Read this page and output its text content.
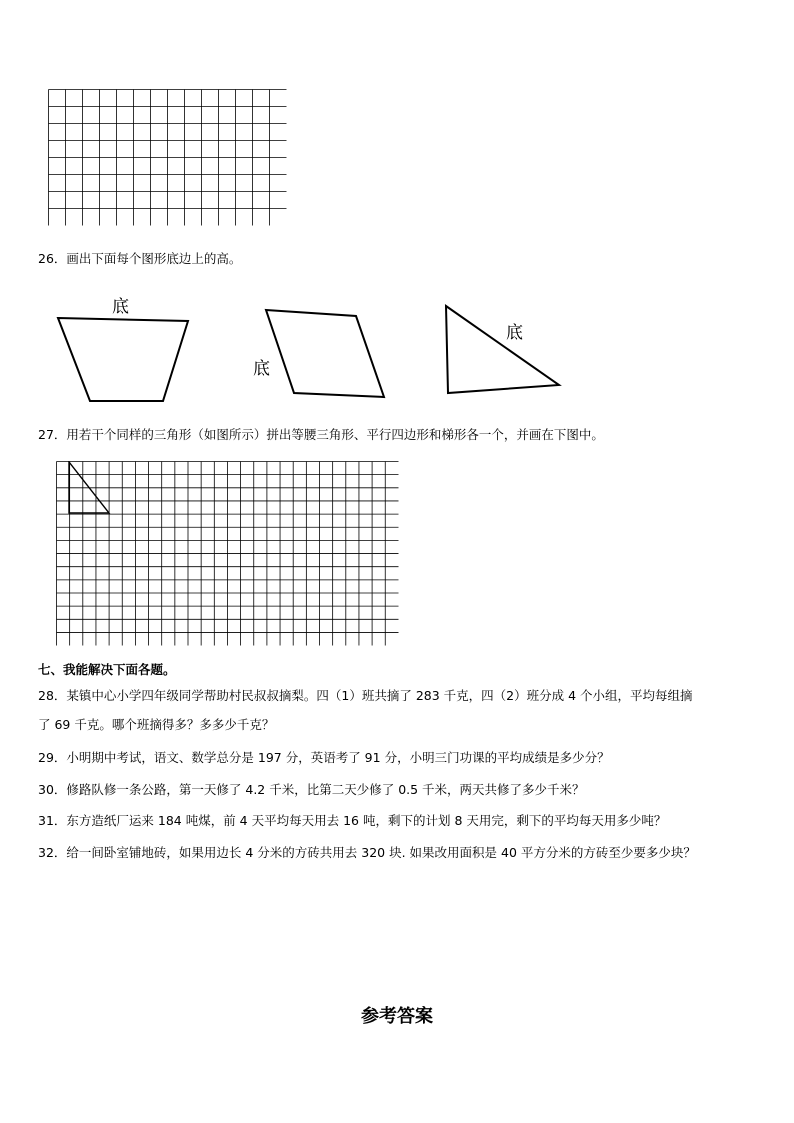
26．画出下面每个图形底边上的高。
底
底
底
27．用若干个同样的三角形（如图所示）拼出等腰三角形、平行四边形和梯形各一个，并画在下图中。
七、我能解决下面各题。
28．某镇中心小学四年级同学帮助村民叔叔摘梨。四（1）班共摘了 283 千克，四（2）班分成 4 个小组，平均每组摘
了 69 千克。哪个班摘得多？多多少千克？
29．小明期中考试，语文、数学总分是 197 分，英语考了 91 分，小明三门功课的平均成绩是多少分？
30．修路队修一条公路，第一天修了 4.2 千米，比第二天少修了 0.5 千米，两天共修了多少千米？
31．东方造纸厂运来 184 吨煤，前 4 天平均每天用去 16 吨，剩下的计划 8 天用完，剩下的平均每天用多少吨？
32．给一间卧室铺地砖，如果用边长 4 分米的方砖共用去 320 块. 如果改用面积是 40 平方分米的方砖至少要多少块？
参考答案
